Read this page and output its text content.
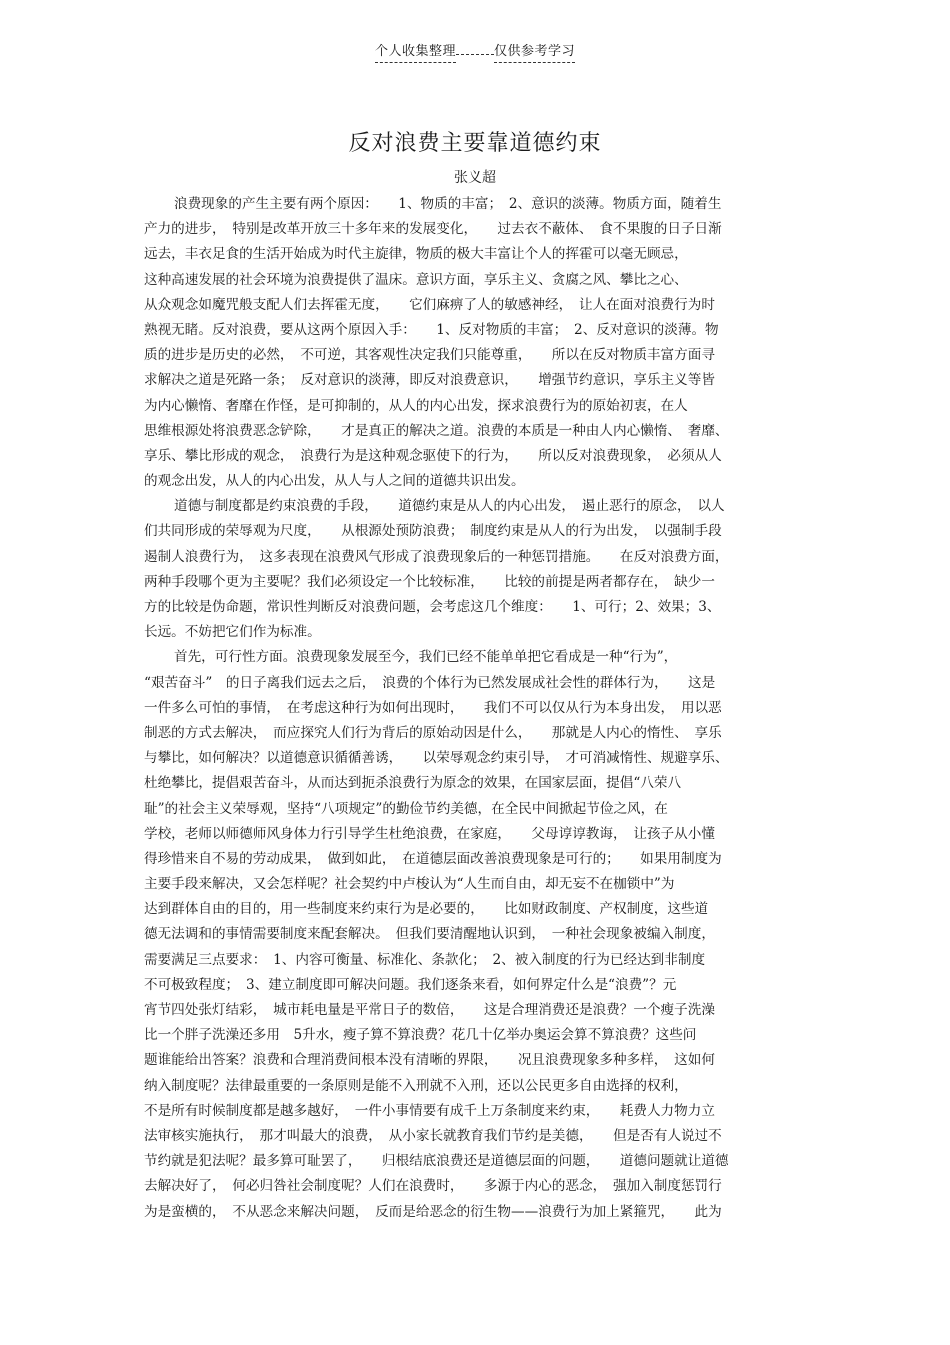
个人收集整理	仅供参考学习
反对浪费主要靠道德约束
张义超
浪费现象的产生主要有两个原因：　　1、物质的丰富；　2、意识的淡薄。物质方面，随着生
产力的进步，　特别是改革开放三十多年来的发展变化，　　过去衣不蔽体、　食不果腹的日子日渐
远去，丰衣足食的生活开始成为时代主旋律，物质的极大丰富让个人的挥霍可以毫无顾忌，
这种高速发展的社会环境为浪费提供了温床。意识方面，享乐主义、贪腐之风、攀比之心、
从众观念如魔咒般支配人们去挥霍无度，　　它们麻痹了人的敏感神经，　让人在面对浪费行为时
熟视无睹。反对浪费，要从这两个原因入手：　　1、反对物质的丰富；　2、反对意识的淡薄。物
质的进步是历史的必然，　不可逆，其客观性决定我们只能尊重，　　所以在反对物质丰富方面寻
求解决之道是死路一条；　反对意识的淡薄，即反对浪费意识，　　增强节约意识，享乐主义等皆
为内心懒惰、奢靡在作怪，是可抑制的，从人的内心出发，探求浪费行为的原始初衷，在人
思维根源处将浪费恶念铲除，　　才是真正的解决之道。浪费的本质是一种由人内心懒惰、　奢靡、
享乐、攀比形成的观念，　浪费行为是这种观念驱使下的行为，　　所以反对浪费现象，　必须从人
的观念出发，从人的内心出发，从人与人之间的道德共识出发。
道德与制度都是约束浪费的手段，　　道德约束是从人的内心出发，　遏止恶行的原念，　以人
们共同形成的荣辱观为尺度，　　从根源处预防浪费；　制度约束是从人的行为出发，　以强制手段
遏制人浪费行为，　这多表现在浪费风气形成了浪费现象后的一种惩罚措施。　　在反对浪费方面，
两种手段哪个更为主要呢？我们必须设定一个比较标准，　　比较的前提是两者都存在，　缺少一
方的比较是伪命题，常识性判断反对浪费问题，会考虑这几个维度：　　1、可行；2、效果；3、
长远。不妨把它们作为标准。
首先，可行性方面。浪费现象发展至今，我们已经不能单单把它看成是一种“行为”，
“艰苦奋斗”　的日子离我们远去之后，　浪费的个体行为已然发展成社会性的群体行为，　　这是
一件多么可怕的事情，　在考虑这种行为如何出现时，　　我们不可以仅从行为本身出发，　用以恶
制恶的方式去解决，　而应探究人们行为背后的原始动因是什么，　　那就是人内心的惰性、　享乐
与攀比，如何解决？以道德意识循循善诱，　　以荣辱观念约束引导，　才可消减惰性、规避享乐、
杜绝攀比，提倡艰苦奋斗，从而达到扼杀浪费行为原念的效果，在国家层面，提倡“八荣八
耻”的社会主义荣辱观，坚持“八项规定”的勤俭节约美德，在全民中间掀起节俭之风，在
学校，老师以师德师风身体力行引导学生杜绝浪费，在家庭，　　父母谆谆教诲，　让孩子从小懂
得珍惜来自不易的劳动成果，　做到如此，　在道德层面改善浪费现象是可行的；　　如果用制度为
主要手段来解决，又会怎样呢？社会契约中卢梭认为“人生而自由，却无妄不在枷锁中”为
达到群体自由的目的，用一些制度来约束行为是必要的，　　比如财政制度、产权制度，这些道
德无法调和的事情需要制度来配套解决。　但我们要清醒地认识到，　一种社会现象被编入制度，
需要满足三点要求：　1、内容可衡量、标准化、条款化；　2、被入制度的行为已经达到非制度
不可极致程度；　3、建立制度即可解决问题。我们逐条来看，如何界定什么是“浪费”？元
宵节四处张灯结彩，　城市耗电量是平常日子的数倍，　　这是合理消费还是浪费？一个瘦子洗澡
比一个胖子洗澡还多用　5升水，瘦子算不算浪费？花几十亿举办奥运会算不算浪费？这些问
题谁能给出答案？浪费和合理消费间根本没有清晰的界限，　　况且浪费现象多种多样，　这如何
纳入制度呢？法律最重要的一条原则是能不入刑就不入刑，还以公民更多自由选择的权利，
不是所有时候制度都是越多越好，　一件小事情要有成千上万条制度来约束，　　耗费人力物力立
法审核实施执行，　那才叫最大的浪费，　从小家长就教育我们节约是美德，　　但是否有人说过不
节约就是犯法呢？最多算可耻罢了，　　归根结底浪费还是道德层面的问题，　　道德问题就让道德
去解决好了，　何必归咎社会制度呢？人们在浪费时，　　多源于内心的恶念，　强加入制度惩罚行
为是蛮横的，　不从恶念来解决问题，　反而是给恶念的衍生物——浪费行为加上紧箍咒，　　此为
